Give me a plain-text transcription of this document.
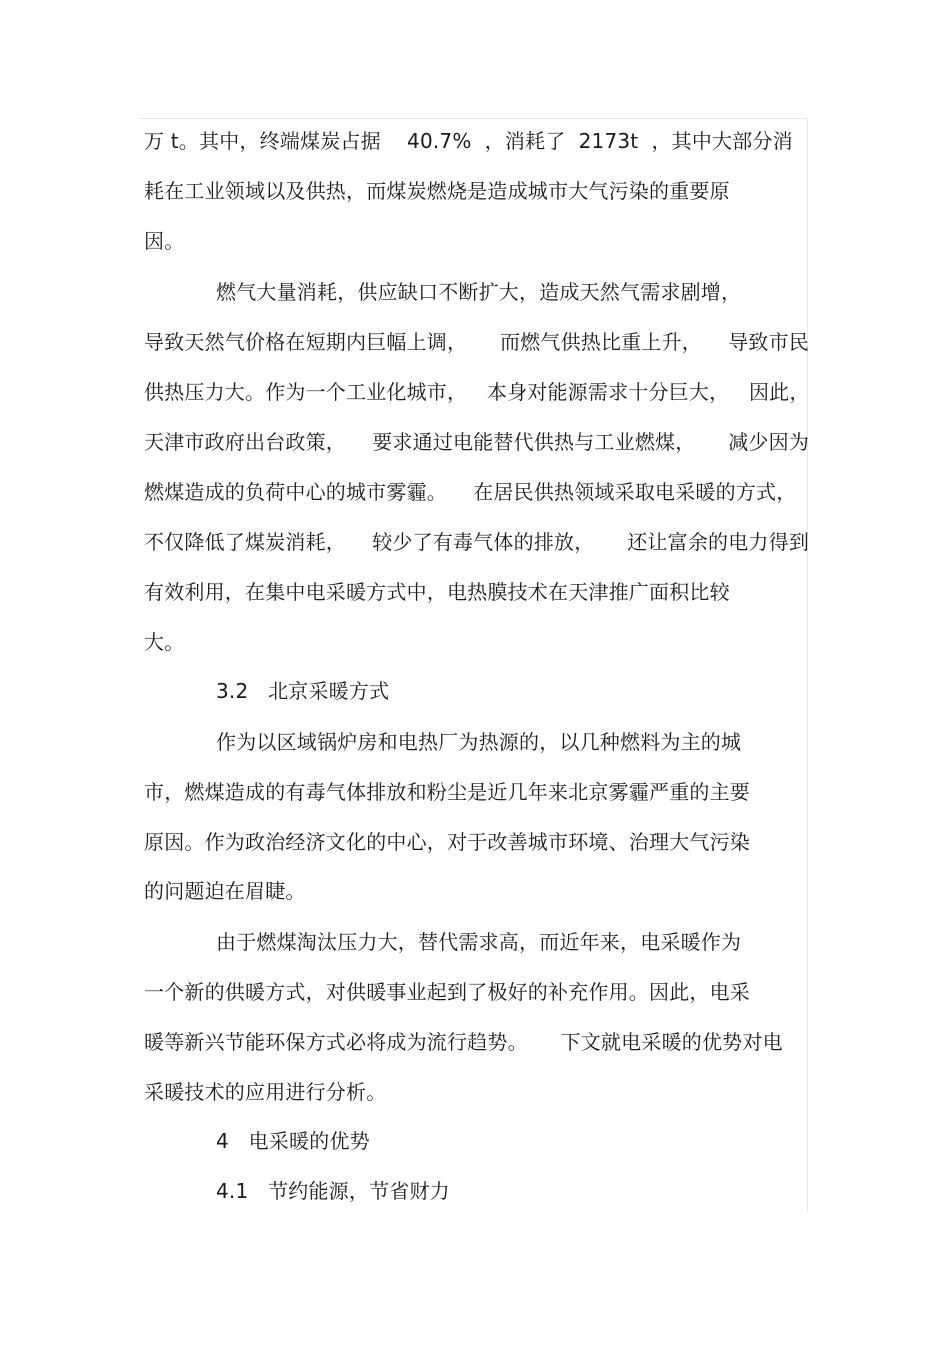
万 t。其中，终端煤炭占据    40.7%  ，消耗了  2173t  ，其中大部分消
耗在工业领域以及供热，而煤炭燃烧是造成城市大气污染的重要原
因。
燃气大量消耗，供应缺口不断扩大，造成天然气需求剧增，
导致天然气价格在短期内巨幅上调，     而燃气供热比重上升，    导致市民
供热压力大。作为一个工业化城市，   本身对能源需求十分巨大，   因此，
天津市政府出台政策，    要求通过电能替代供热与工业燃煤，     减少因为
燃煤造成的负荷中心的城市雾霾。    在居民供热领域采取电采暖的方式，
不仅降低了煤炭消耗，    较少了有毒气体的排放，     还让富余的电力得到
有效利用，在集中电采暖方式中，电热膜技术在天津推广面积比较
大。
3.2   北京采暖方式
作为以区域锅炉房和电热厂为热源的，以几种燃料为主的城
市，燃煤造成的有毒气体排放和粉尘是近几年来北京雾霾严重的主要
原因。作为政治经济文化的中心，对于改善城市环境、治理大气污染
的问题迫在眉睫。
由于燃煤淘汰压力大，替代需求高，而近年来，电采暖作为
一个新的供暖方式，对供暖事业起到了极好的补充作用。因此，电采
暖等新兴节能环保方式必将成为流行趋势。     下文就电采暖的优势对电
采暖技术的应用进行分析。
4   电采暖的优势
4.1   节约能源，节省财力
